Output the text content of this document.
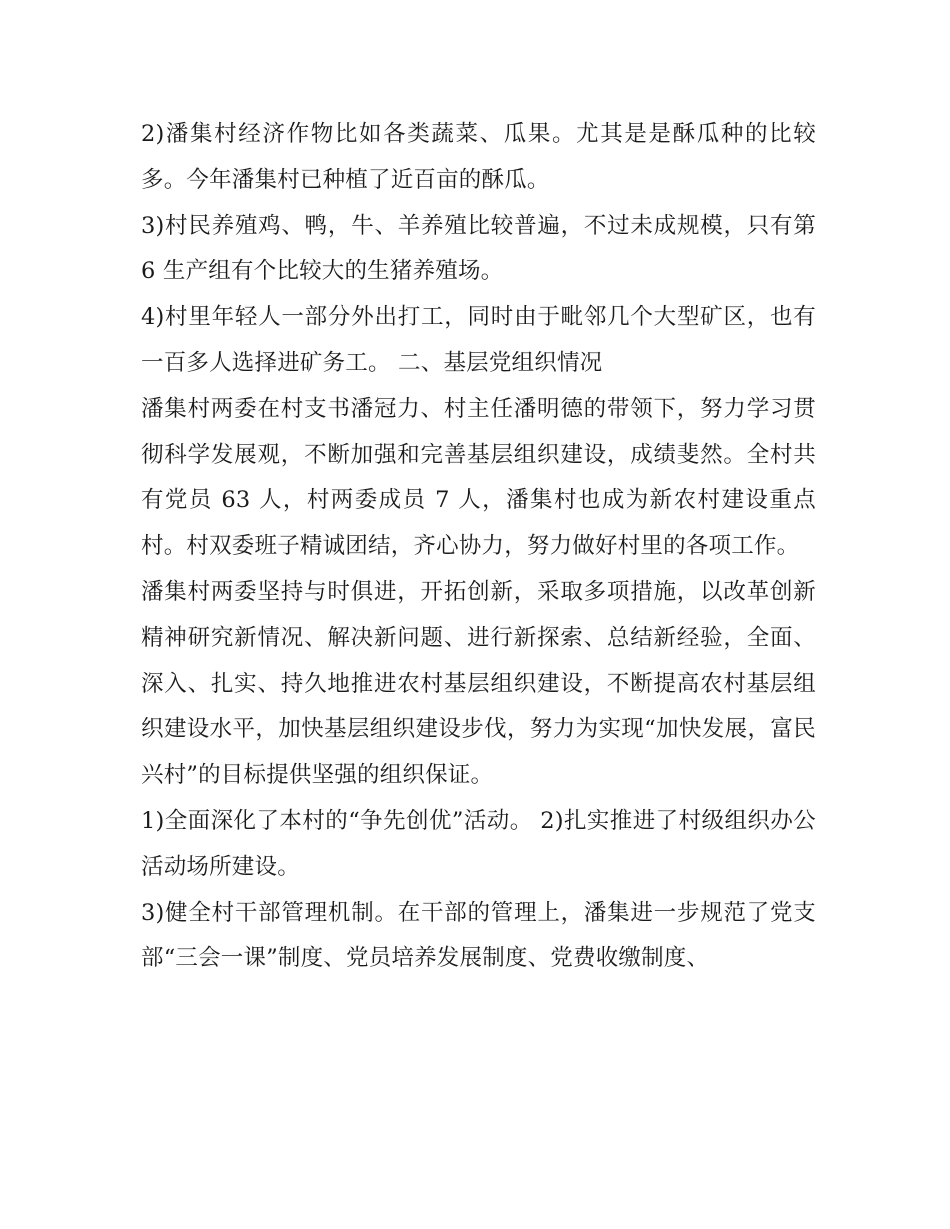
2)潘集村经济作物比如各类蔬菜、瓜果。尤其是是酥瓜种的比较多。今年潘集村已种植了近百亩的酥瓜。

3)村民养殖鸡、鸭，牛、羊养殖比较普遍，不过未成规模，只有第 6 生产组有个比较大的生猪养殖场。

4)村里年轻人一部分外出打工，同时由于毗邻几个大型矿区，也有一百多人选择进矿务工。 二、基层党组织情况

潘集村两委在村支书潘冠力、村主任潘明德的带领下，努力学习贯彻科学发展观，不断加强和完善基层组织建设，成绩斐然。全村共有党员 63 人，村两委成员 7 人，潘集村也成为新农村建设重点村。村双委班子精诚团结，齐心协力，努力做好村里的各项工作。

潘集村两委坚持与时俱进，开拓创新，采取多项措施，以改革创新精神研究新情况、解决新问题、进行新探索、总结新经验，全面、深入、扎实、持久地推进农村基层组织建设，不断提高农村基层组织建设水平，加快基层组织建设步伐，努力为实现“加快发展，富民兴村”的目标提供坚强的组织保证。

1)全面深化了本村的“争先创优”活动。 2)扎实推进了村级组织办公活动场所建设。

3)健全村干部管理机制。在干部的管理上，潘集进一步规范了党支部“三会一课”制度、党员培养发展制度、党费收缴制度、
